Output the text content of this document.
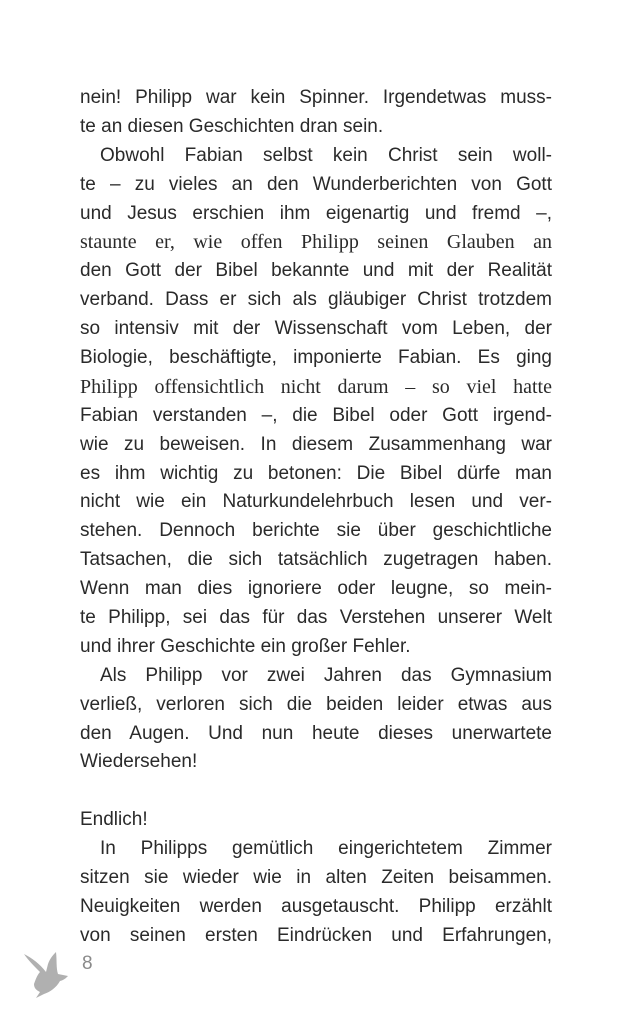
nein! Philipp war kein Spinner. Irgendetwas muss-
te an diesen Geschichten dran sein.
Obwohl Fabian selbst kein Christ sein woll-
te – zu vieles an den Wunderberichten von Gott
und Jesus erschien ihm eigenartig und fremd –,
staunte er, wie offen Philipp seinen Glauben an
den Gott der Bibel bekannte und mit der Realität
verband. Dass er sich als gläubiger Christ trotzdem
so intensiv mit der Wissenschaft vom Leben, der
Biologie, beschäftigte, imponierte Fabian. Es ging
Philipp offensichtlich nicht darum – so viel hatte
Fabian verstanden –, die Bibel oder Gott irgend-
wie zu beweisen. In diesem Zusammenhang war
es ihm wichtig zu betonen: Die Bibel dürfe man
nicht wie ein Naturkundelehrbuch lesen und ver-
stehen. Dennoch berichte sie über geschichtliche
Tatsachen, die sich tatsächlich zugetragen haben.
Wenn man dies ignoriere oder leugne, so mein-
te Philipp, sei das für das Verstehen unserer Welt
und ihrer Geschichte ein großer Fehler.
Als Philipp vor zwei Jahren das Gymnasium
verließ, verloren sich die beiden leider etwas aus
den Augen. Und nun heute dieses unerwartete
Wiedersehen!
Endlich!
In Philipps gemütlich eingerichtetem Zimmer
sitzen sie wieder wie in alten Zeiten beisammen.
Neuigkeiten werden ausgetauscht. Philipp erzählt
von seinen ersten Eindrücken und Erfahrungen,
8
